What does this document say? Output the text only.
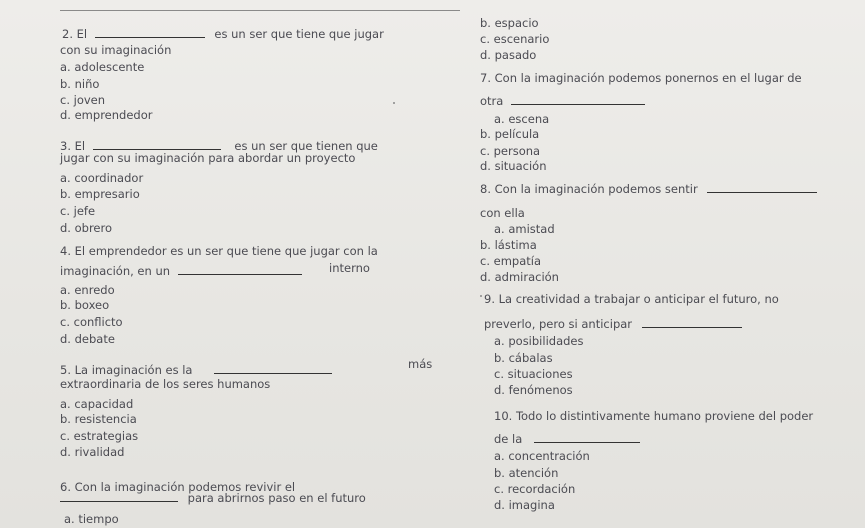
2. El	es un ser que tiene que jugar
con su imaginación
a. adolescente
b. niño
c. joven
d. emprendedor
3. El	es un ser que tienen que
jugar con su imaginación para abordar un proyecto
a. coordinador
b. empresario
c. jefe
d. obrero
4. El emprendedor es un ser que tiene que jugar con la
imaginación, en un	interno
a. enredo
b. boxeo
c. conflicto
d. debate
5. La imaginación es la	más
extraordinaria de los seres humanos
a. capacidad
b. resistencia
c. estrategias
d. rivalidad
6. Con la imaginación podemos revivir el
para abrirnos paso en el futuro
a. tiempo
b. espacio
c. escenario
d. pasado
7. Con la imaginación podemos ponernos en el lugar de
otra
a. escena
b. película
c. persona
d. situación
8. Con la imaginación podemos sentir
con ella
a. amistad
b. lástima
c. empatía
d. admiración
9. La creatividad a trabajar o anticipar el futuro, no
preverlo, pero si anticipar
a. posibilidades
b. cábalas
c. situaciones
d. fenómenos
10. Todo lo distintivamente humano proviene del poder
de la
a. concentración
b. atención
c. recordación
d. imagina
